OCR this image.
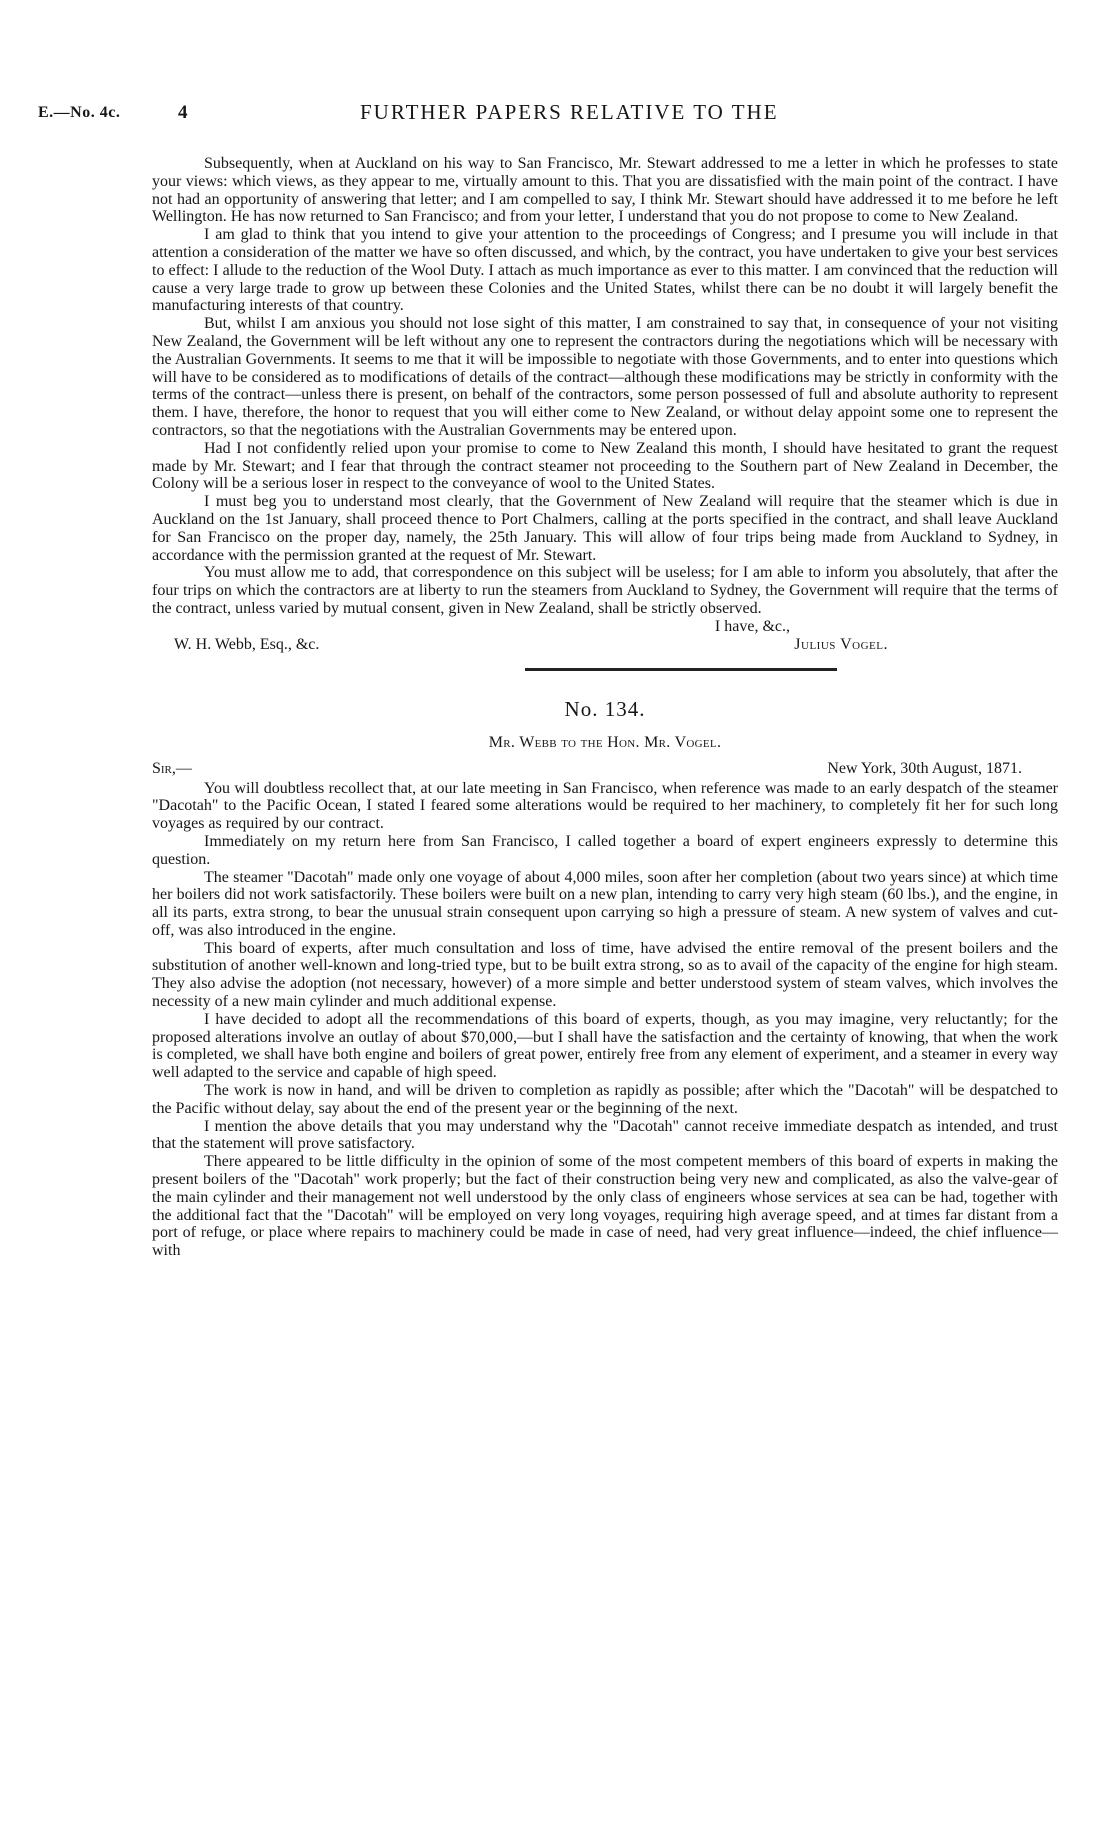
E.—No. 4c.	4	FURTHER PAPERS RELATIVE TO THE

Subsequently, when at Auckland on his way to San Francisco, Mr. Stewart addressed to me a letter in which he professes to state your views: which views, as they appear to me, virtually amount to this. That you are dissatisfied with the main point of the contract. I have not had an opportunity of answering that letter; and I am compelled to say, I think Mr. Stewart should have addressed it to me before he left Wellington. He has now returned to San Francisco; and from your letter, I understand that you do not propose to come to New Zealand.

I am glad to think that you intend to give your attention to the proceedings of Congress; and I presume you will include in that attention a consideration of the matter we have so often discussed, and which, by the contract, you have undertaken to give your best services to effect: I allude to the reduction of the Wool Duty. I attach as much importance as ever to this matter. I am convinced that the reduction will cause a very large trade to grow up between these Colonies and the United States, whilst there can be no doubt it will largely benefit the manufacturing interests of that country.

But, whilst I am anxious you should not lose sight of this matter, I am constrained to say that, in consequence of your not visiting New Zealand, the Government will be left without any one to represent the contractors during the negotiations which will be necessary with the Australian Governments. It seems to me that it will be impossible to negotiate with those Governments, and to enter into questions which will have to be considered as to modifications of details of the contract—although these modifications may be strictly in conformity with the terms of the contract—unless there is present, on behalf of the contractors, some person possessed of full and absolute authority to represent them. I have, therefore, the honor to request that you will either come to New Zealand, or without delay appoint some one to represent the contractors, so that the negotiations with the Australian Governments may be entered upon.

Had I not confidently relied upon your promise to come to New Zealand this month, I should have hesitated to grant the request made by Mr. Stewart; and I fear that through the contract steamer not proceeding to the Southern part of New Zealand in December, the Colony will be a serious loser in respect to the conveyance of wool to the United States.

I must beg you to understand most clearly, that the Government of New Zealand will require that the steamer which is due in Auckland on the 1st January, shall proceed thence to Port Chalmers, calling at the ports specified in the contract, and shall leave Auckland for San Francisco on the proper day, namely, the 25th January. This will allow of four trips being made from Auckland to Sydney, in accordance with the permission granted at the request of Mr. Stewart.

You must allow me to add, that correspondence on this subject will be useless; for I am able to inform you absolutely, that after the four trips on which the contractors are at liberty to run the steamers from Auckland to Sydney, the Government will require that the terms of the contract, unless varied by mutual consent, given in New Zealand, shall be strictly observed.

I have, &c.,

W. H. Webb, Esq., &c.	Julius Vogel.
No. 134.
Mr. Webb to the Hon. Mr. Vogel.
Sir,—	New York, 30th August, 1871.

You will doubtless recollect that, at our late meeting in San Francisco, when reference was made to an early despatch of the steamer "Dacotah" to the Pacific Ocean, I stated I feared some alterations would be required to her machinery, to completely fit her for such long voyages as required by our contract.

Immediately on my return here from San Francisco, I called together a board of expert engineers expressly to determine this question.

The steamer "Dacotah" made only one voyage of about 4,000 miles, soon after her completion (about two years since) at which time her boilers did not work satisfactorily. These boilers were built on a new plan, intending to carry very high steam (60 lbs.), and the engine, in all its parts, extra strong, to bear the unusual strain consequent upon carrying so high a pressure of steam. A new system of valves and cut-off, was also introduced in the engine.

This board of experts, after much consultation and loss of time, have advised the entire removal of the present boilers and the substitution of another well-known and long-tried type, but to be built extra strong, so as to avail of the capacity of the engine for high steam. They also advise the adoption (not necessary, however) of a more simple and better understood system of steam valves, which involves the necessity of a new main cylinder and much additional expense.

I have decided to adopt all the recommendations of this board of experts, though, as you may imagine, very reluctantly; for the proposed alterations involve an outlay of about $70,000,—but I shall have the satisfaction and the certainty of knowing, that when the work is completed, we shall have both engine and boilers of great power, entirely free from any element of experiment, and a steamer in every way well adapted to the service and capable of high speed.

The work is now in hand, and will be driven to completion as rapidly as possible; after which the "Dacotah" will be despatched to the Pacific without delay, say about the end of the present year or the beginning of the next.

I mention the above details that you may understand why the "Dacotah" cannot receive immediate despatch as intended, and trust that the statement will prove satisfactory.

There appeared to be little difficulty in the opinion of some of the most competent members of this board of experts in making the present boilers of the "Dacotah" work properly; but the fact of their construction being very new and complicated, as also the valve-gear of the main cylinder and their management not well understood by the only class of engineers whose services at sea can be had, together with the additional fact that the "Dacotah" will be employed on very long voyages, requiring high average speed, and at times far distant from a port of refuge, or place where repairs to machinery could be made in case of need, had very great influence—indeed, the chief influence—with
